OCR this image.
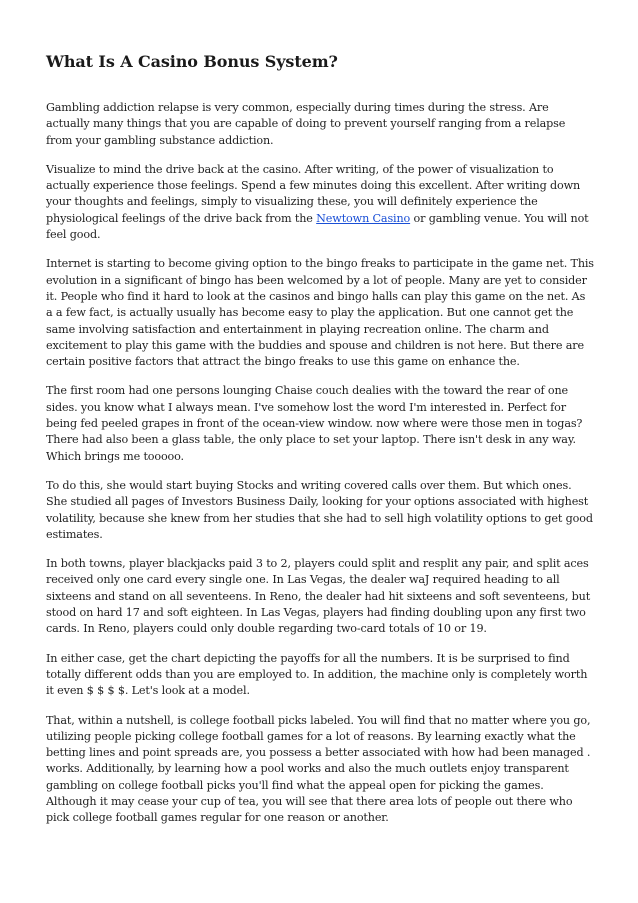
What Is A Casino Bonus System?

Gambling addiction relapse is very common, especially during times during the stress. Are actually many things that you are capable of doing to prevent yourself ranging from a relapse from your gambling substance addiction.

Visualize to mind the drive back at the casino. After writing, of the power of visualization to actually experience those feelings. Spend a few minutes doing this excellent. After writing down your thoughts and feelings, simply to visualizing these, you will definitely experience the physiological feelings of the drive back from the Newtown Casino or gambling venue. You will not feel good.

Internet is starting to become giving option to the bingo freaks to participate in the game net. This evolution in a significant of bingo has been welcomed by a lot of people. Many are yet to consider it. People who find it hard to look at the casinos and bingo halls can play this game on the net. As a a few fact, is actually usually has become easy to play the application. But one cannot get the same involving satisfaction and entertainment in playing recreation online. The charm and excitement to play this game with the buddies and spouse and children is not here. But there are certain positive factors that attract the bingo freaks to use this game on enhance the.

The first room had one persons lounging Chaise couch dealies with the toward the rear of one sides. you know what I always mean. I've somehow lost the word I'm interested in. Perfect for being fed peeled grapes in front of the ocean-view window. now where were those men in togas? There had also been a glass table, the only place to set your laptop. There isn't desk in any way. Which brings me tooooo.

To do this, she would start buying Stocks and writing covered calls over them. But which ones. She studied all pages of Investors Business Daily, looking for your options associated with highest volatility, because she knew from her studies that she had to sell high volatility options to get good estimates.

In both towns, player blackjacks paid 3 to 2, players could split and resplit any pair, and split aces received only one card every single one. In Las Vegas, the dealer waJ required heading to all sixteens and stand on all seventeens. In Reno, the dealer had hit sixteens and soft seventeens, but stood on hard 17 and soft eighteen. In Las Vegas, players had finding doubling upon any first two cards. In Reno, players could only double regarding two-card totals of 10 or 19.

In either case, get the chart depicting the payoffs for all the numbers. It is be surprised to find totally different odds than you are employed to. In addition, the machine only is completely worth it even $ $ $ $. Let's look at a model.

That, within a nutshell, is college football picks labeled. You will find that no matter where you go, utilizing people picking college football games for a lot of reasons. By learning exactly what the betting lines and point spreads are, you possess a better associated with how had been managed . works. Additionally, by learning how a pool works and also the much outlets enjoy transparent gambling on college football picks you'll find what the appeal open for picking the games. Although it may cease your cup of tea, you will see that there area lots of people out there who pick college football games regular for one reason or another.
